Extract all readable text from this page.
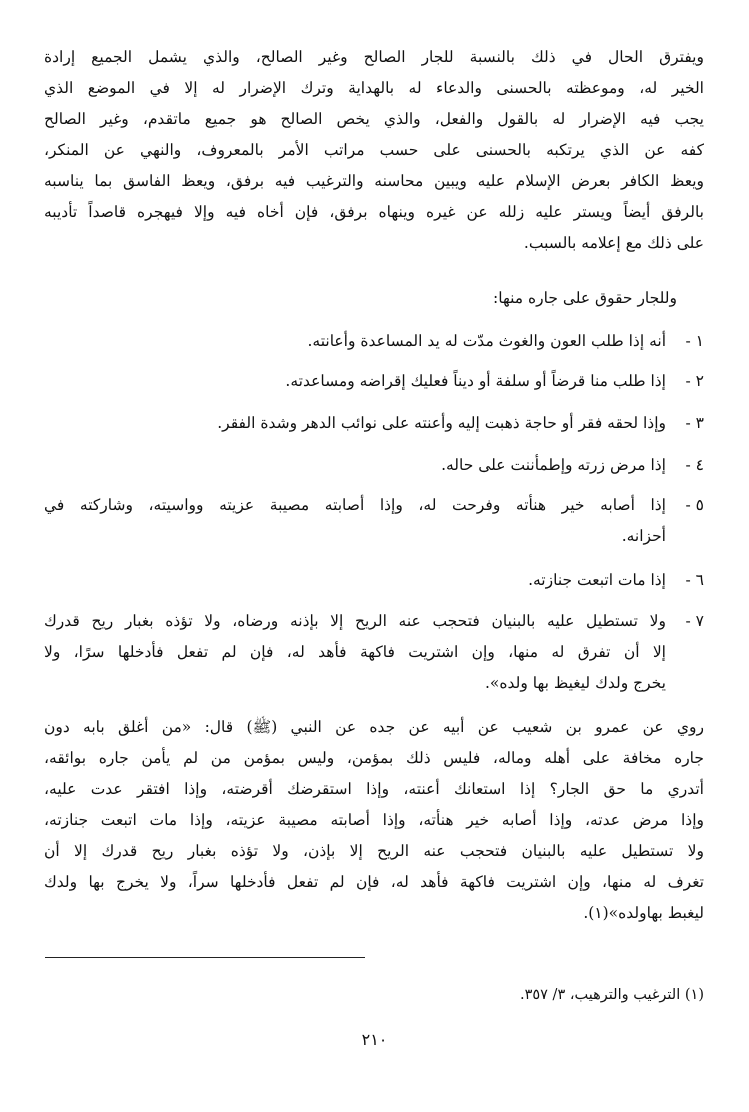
ويفترق الحال في ذلك بالنسبة للجار الصالح وغير الصالح، والذي يشمل الجميع إرادة
الخير له، وموعظته بالحسنى والدعاء له بالهداية وترك الإضرار له إلا في الموضع الذي
يجب فيه الإضرار له بالقول والفعل، والذي يخص الصالح هو جميع ماتقدم، وغير الصالح
كفه عن الذي يرتكبه بالحسنى على حسب مراتب الأمر بالمعروف، والنهي عن المنكر،
ويعظ الكافر بعرض الإسلام عليه ويبين محاسنه والترغيب فيه برفق، ويعظ الفاسق بما يناسبه
بالرفق أيضاً ويستر عليه زلله عن غيره وينهاه برفق، فإن أخاه فيه وإلا فيهجره قاصداً تأديبه
على ذلك مع إعلامه بالسبب.
وللجار حقوق على جاره منها:
١ -
أنه إذا طلب العون والغوث مدّت له يد المساعدة وأعانته.
٢ -
إذا طلب منا قرضاً أو سلفة أو ديناً فعليك إقراضه ومساعدته.
٣ -
وإذا لحقه فقر أو حاجة ذهبت إليه وأعنته على نوائب الدهر وشدة الفقر.
٤ -
إذا مرض زرته وإطمأننت على حاله.
٥ -
إذا أصابه خير هنأته وفرحت له، وإذا أصابته مصيبة عزيته وواسيته، وشاركته في
أحزانه.
٦ -
إذا مات اتبعت جنازته.
٧ -
ولا تستطيل عليه بالبنيان فتحجب عنه الريح إلا بإذنه ورضاه، ولا تؤذه بغبار ريح قدرك
إلا أن تفرق له منها، وإن اشتريت فاكهة فأهد له، فإن لم تفعل فأدخلها سرًا، ولا
يخرج ولدك ليغيظ بها ولده».
روي عن عمرو بن شعيب عن أبيه عن جده عن النبي (ﷺ) قال: «من أغلق بابه دون
جاره مخافة على أهله وماله، فليس ذلك بمؤمن، وليس بمؤمن من لم يأمن جاره بوائقه،
أتدري ما حق الجار؟ إذا استعانك أعنته، وإذا استقرضك أقرضته، وإذا افتقر عدت عليه،
وإذا مرض عدته، وإذا أصابه خير هنأته، وإذا أصابته مصيبة عزيته، وإذا مات اتبعت جنازته،
ولا تستطيل عليه بالبنيان فتحجب عنه الريح إلا بإذن، ولا تؤذه بغبار ريح قدرك إلا أن
تغرف له منها، وإن اشتريت فاكهة فأهد له، فإن لم تفعل فأدخلها سراً، ولا يخرج بها ولدك
ليغبط بهاولده»(١).
(١) الترغيب والترهيب، ٣/ ٣٥٧.
٢١٠
